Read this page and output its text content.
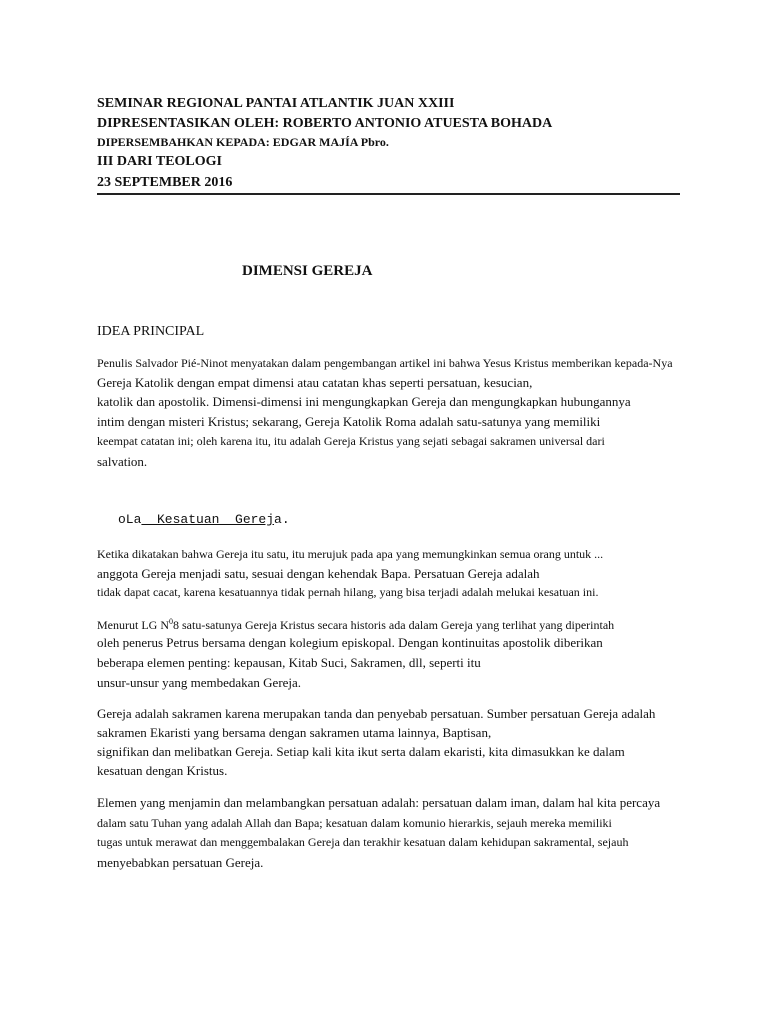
SEMINAR REGIONAL PANTAI ATLANTIK JUAN XXIII
DIPRESENTASIKAN OLEH: ROBERTO ANTONIO ATUESTA BOHADA
DIPERSEMBAHKAN KEPADA: EDGAR MAJÍA Pbro.
III DARI TEOLOGI
23 SEPTEMBER 2016
DIMENSI GEREJA
IDEA PRINCIPAL
Penulis Salvador Pié-Ninot menyatakan dalam pengembangan artikel ini bahwa Yesus Kristus memberikan kepada-Nya
Gereja Katolik dengan empat dimensi atau catatan khas seperti persatuan, kesucian,
katolik dan apostolik. Dimensi-dimensi ini mengungkapkan Gereja dan mengungkapkan hubungannya
intim dengan misteri Kristus; sekarang, Gereja Katolik Roma adalah satu-satunya yang memiliki
keempat catatan ini; oleh karena itu, itu adalah Gereja Kristus yang sejati sebagai sakramen universal dari
salvation.
oLa  Kesatuan  Gereja.
Ketika dikatakan bahwa Gereja itu satu, itu merujuk pada apa yang memungkinkan semua orang untuk ...
anggota Gereja menjadi satu, sesuai dengan kehendak Bapa. Persatuan Gereja adalah
tidak dapat cacat, karena kesatuannya tidak pernah hilang, yang bisa terjadi adalah melukai kesatuan ini.
Menurut LG $N^08$ satu-satunya Gereja Kristus secara historis ada dalam Gereja yang terlihat yang diperintah
oleh penerus Petrus bersama dengan kolegium episkopal. Dengan kontinuitas apostolik diberikan
beberapa elemen penting: kepausan, Kitab Suci, Sakramen, dll, seperti itu
unsur-unsur yang membedakan Gereja.
Gereja adalah sakramen karena merupakan tanda dan penyebab persatuan. Sumber persatuan Gereja adalah
sakramen Ekaristi yang bersama dengan sakramen utama lainnya, Baptisan,
signifikan dan melibatkan Gereja. Setiap kali kita ikut serta dalam ekaristi, kita dimasukkan ke dalam
kesatuan dengan Kristus.
Elemen yang menjamin dan melambangkan persatuan adalah: persatuan dalam iman, dalam hal kita percaya
dalam satu Tuhan yang adalah Allah dan Bapa; kesatuan dalam komunio hierarkis, sejauh mereka memiliki
tugas untuk merawat dan menggembalakan Gereja dan terakhir kesatuan dalam kehidupan sakramental, sejauh
menyebabkan persatuan Gereja.
